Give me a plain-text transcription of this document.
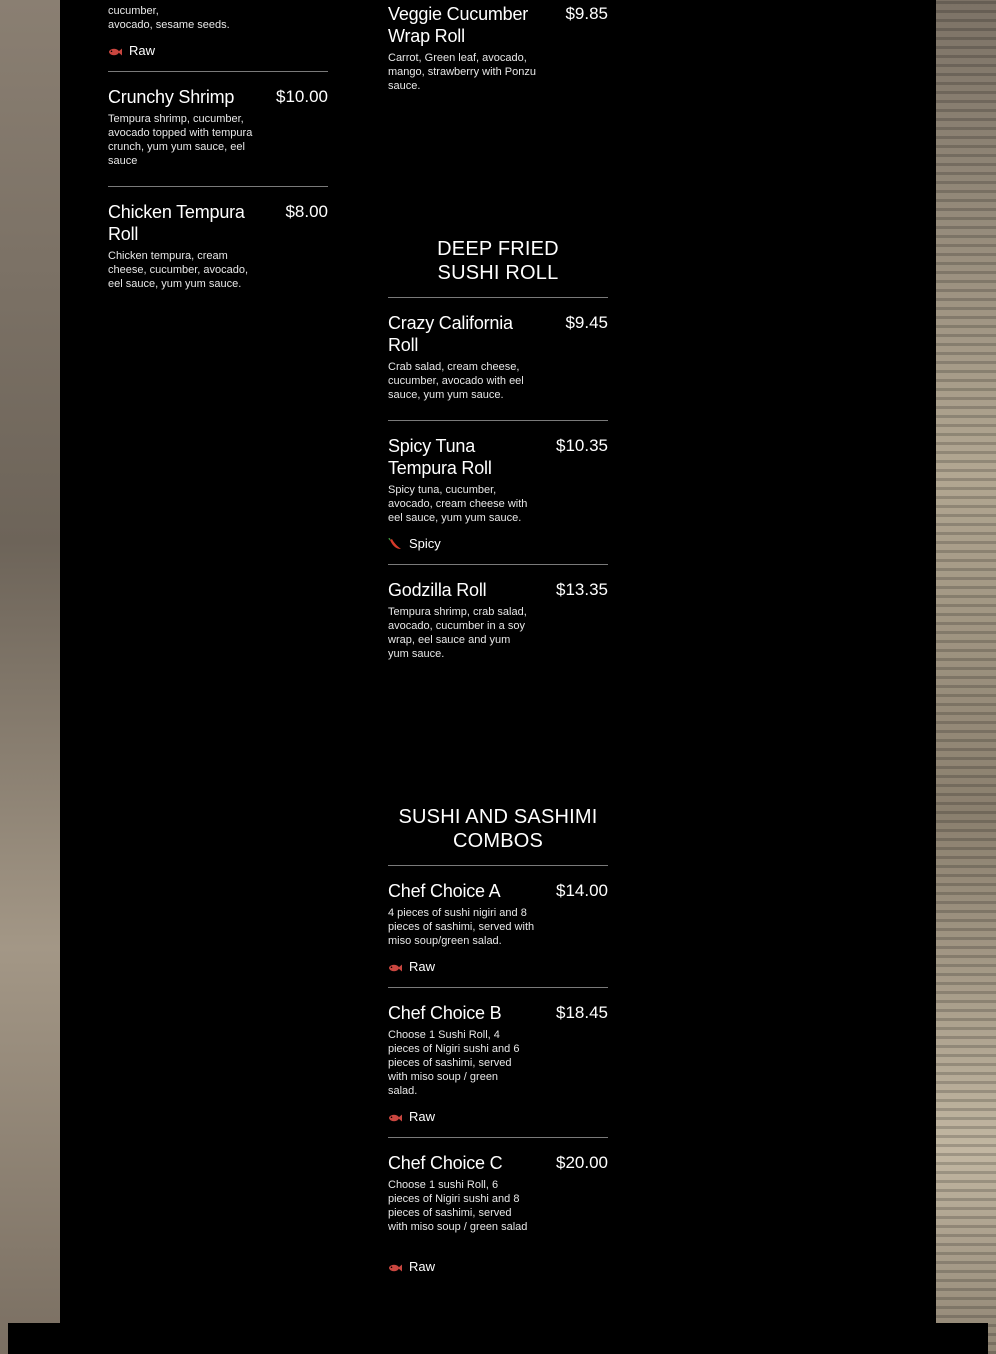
cucumber,
avocado, sesame seeds.
Raw
Crunchy Shrimp	$10.00
Tempura shrimp, cucumber, avocado topped with tempura crunch, yum yum sauce, eel sauce
Chicken Tempura Roll
$8.00
Chicken tempura, cream cheese, cucumber, avocado, eel sauce, yum yum sauce.
Veggie Cucumber Wrap Roll
$9.85
Carrot, Green leaf, avocado, mango, strawberry with Ponzu sauce.
DEEP FRIED SUSHI ROLL
Crazy California Roll
$9.45
Crab salad, cream cheese, cucumber, avocado with eel sauce, yum yum sauce.
Spicy Tuna Tempura Roll
$10.35
Spicy tuna, cucumber, avocado, cream cheese with eel sauce, yum yum sauce.
Spicy
Godzilla Roll	$13.35
Tempura shrimp, crab salad, avocado, cucumber in a soy wrap, eel sauce and yum yum sauce.
SUSHI AND SASHIMI COMBOS
Chef Choice A	$14.00
4 pieces of sushi nigiri and 8 pieces of sashimi, served with miso soup/green salad.
Raw
Chef Choice B	$18.45
Choose 1 Sushi Roll, 4 pieces of Nigiri sushi and 6 pieces of sashimi, served with miso soup / green salad.
Raw
Chef Choice C	$20.00
Choose 1 sushi Roll, 6 pieces of Nigiri sushi and 8 pieces of sashimi, served with miso soup / green salad
Raw
